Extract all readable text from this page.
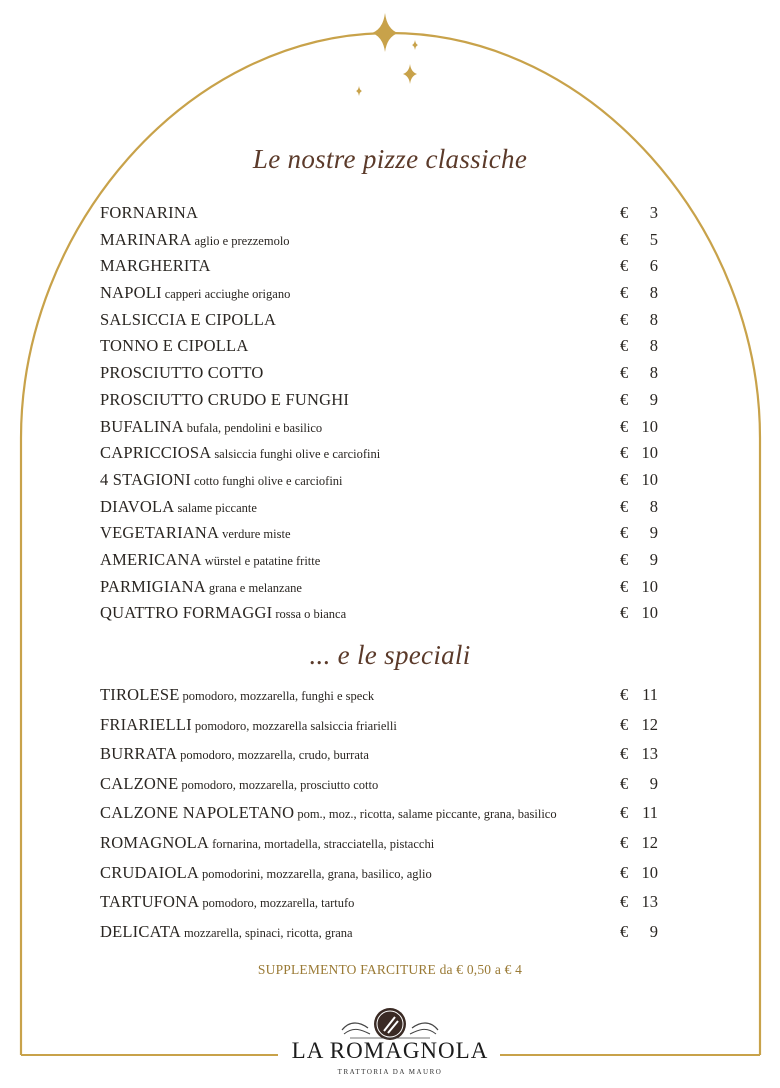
Le nostre pizze classiche
FORNARINA	€ 3
MARINARA aglio e prezzemolo	€ 5
MARGHERITA	€ 6
NAPOLI capperi acciughe origano	€ 8
SALSICCIA E CIPOLLA	€ 8
TONNO E CIPOLLA	€ 8
PROSCIUTTO COTTO	€ 8
PROSCIUTTO CRUDO E FUNGHI	€ 9
BUFALINA bufala, pendolini e basilico	€ 10
CAPRICCIOSA salsiccia funghi olive e carciofini	€ 10
4 STAGIONI cotto funghi olive e carciofini	€ 10
DIAVOLA salame piccante	€ 8
VEGETARIANA verdure miste	€ 9
AMERICANA würstel e patatine fritte	€ 9
PARMIGIANA grana e melanzane	€ 10
QUATTRO FORMAGGI rossa o bianca	€ 10
... e le speciali
TIROLESE pomodoro, mozzarella, funghi e speck	€ 11
FRIARIELLI pomodoro, mozzarella salsiccia friarielli	€ 12
BURRATA pomodoro, mozzarella, crudo, burrata	€ 13
CALZONE pomodoro, mozzarella, prosciutto cotto	€ 9
CALZONE NAPOLETANO pom., moz., ricotta, salame piccante, grana, basilico	€ 11
ROMAGNOLA fornarina, mortadella, stracciatella, pistacchi	€ 12
CRUDAIOLA pomodorini, mozzarella, grana, basilico, aglio	€ 10
TARTUFONA pomodoro, mozzarella, tartufo	€ 13
DELICATA mozzarella, spinaci, ricotta, grana	€ 9
SUPPLEMENTO FARCITURE da € 0,50 a € 4
LA ROMAGNOLA
TRATTORIA DA MAURO
